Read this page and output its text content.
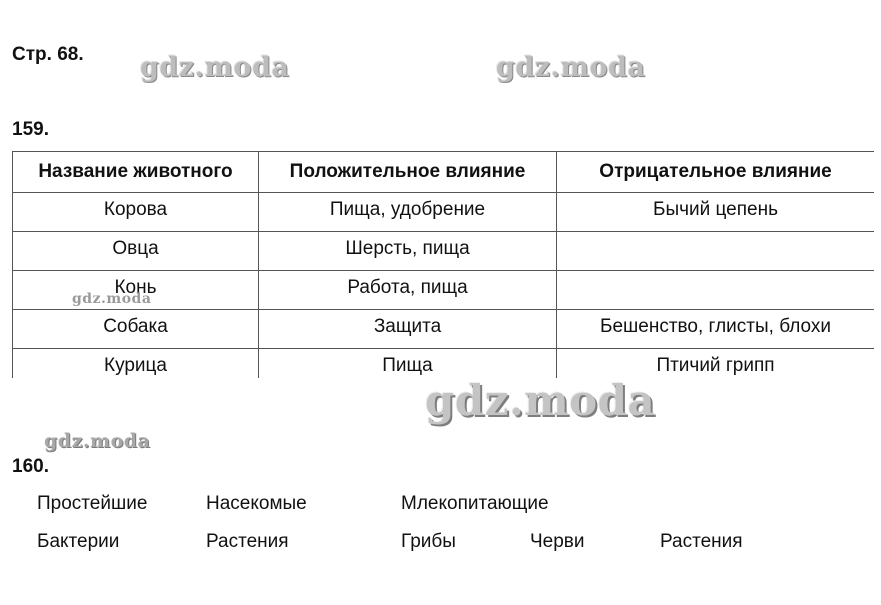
Стр. 68. gdz.moda	gdz.moda
159.
Название животного	Положительное влияние	Отрицательное влияние
Корова	Пища, удобрение	Бычий цепень
Овца	Шерсть, пища	
Конь	Работа, пища	
Собака	Защита	Бешенство, глисты, блохи
Курица	Пища	Птичий грипп
gdz.moda
gdz.moda
gdz.moda
160.
Простейшие	Насекомые	Млекопитающие
Бактерии	Растения	Грибы	Черви	Растения
